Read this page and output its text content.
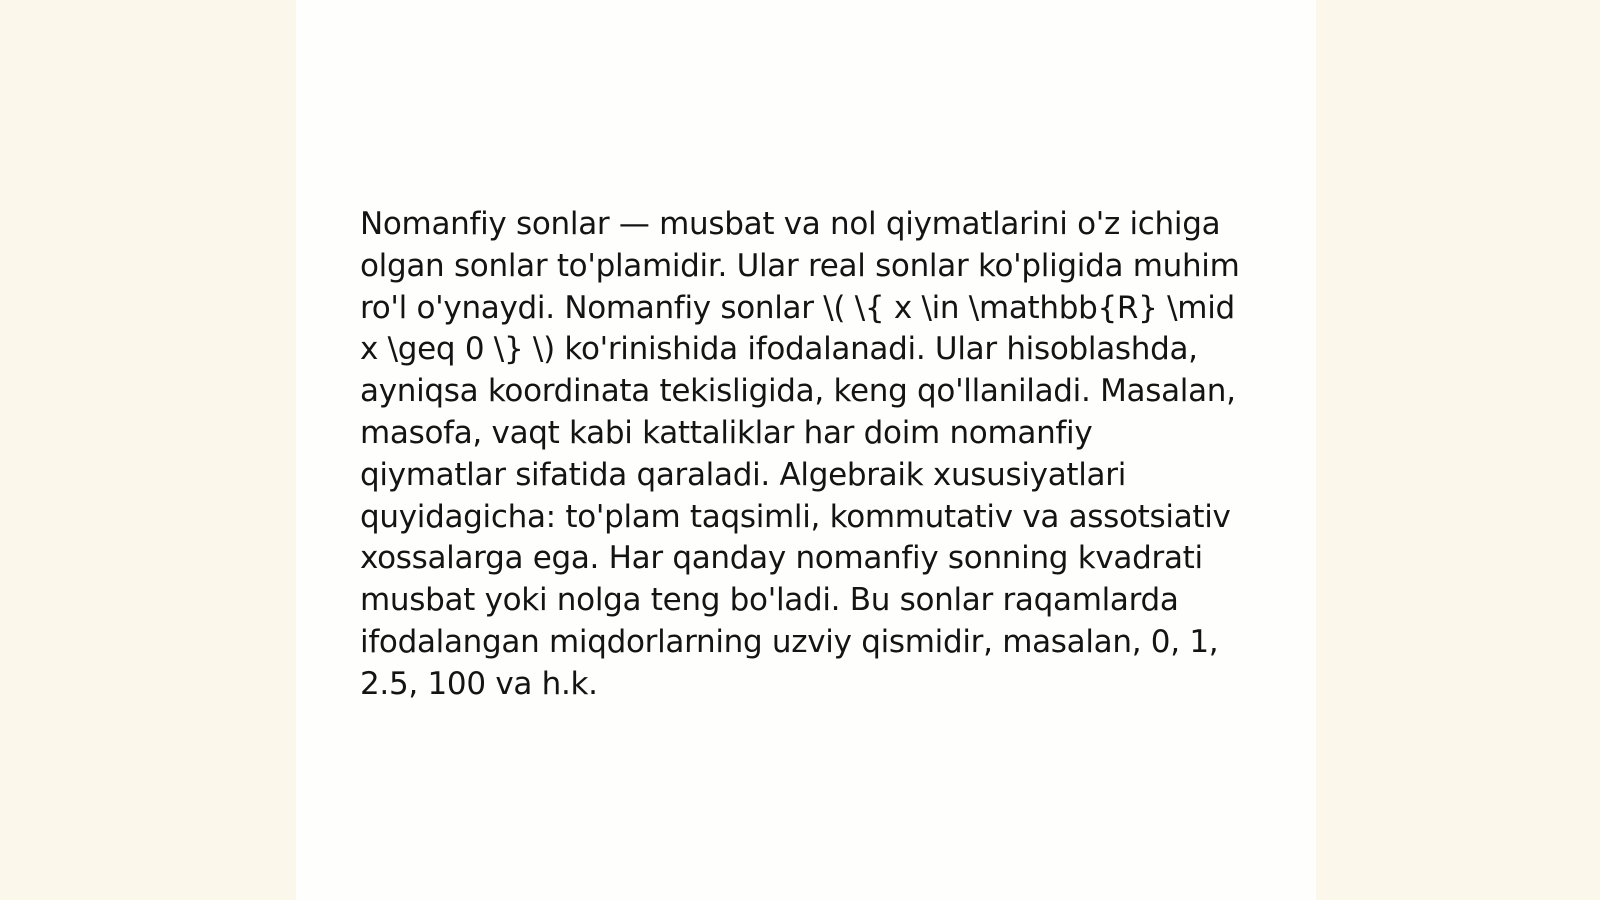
Nomanfiy sonlar — musbat va nol qiymatlarini o'z ichiga olgan sonlar to'plamidir. Ular real sonlar ko'pligida muhim ro'l o'ynaydi. Nomanfiy sonlar \( \{ x \in \mathbb{R} \mid x \geq 0 \} \) ko'rinishida ifodalanadi. Ular hisoblashda, ayniqsa koordinata tekisligida, keng qo'llaniladi. Masalan, masofa, vaqt kabi kattaliklar har doim nomanfiy qiymatlar sifatida qaraladi. Algebraik xususiyatlari quyidagicha: to'plam taqsimli, kommutativ va assotsiativ xossalarga ega. Har qanday nomanfiy sonning kvadrati musbat yoki nolga teng bo'ladi. Bu sonlar raqamlarda ifodalangan miqdorlarning uzviy qismidir, masalan, 0, 1, 2.5, 100 va h.k.
